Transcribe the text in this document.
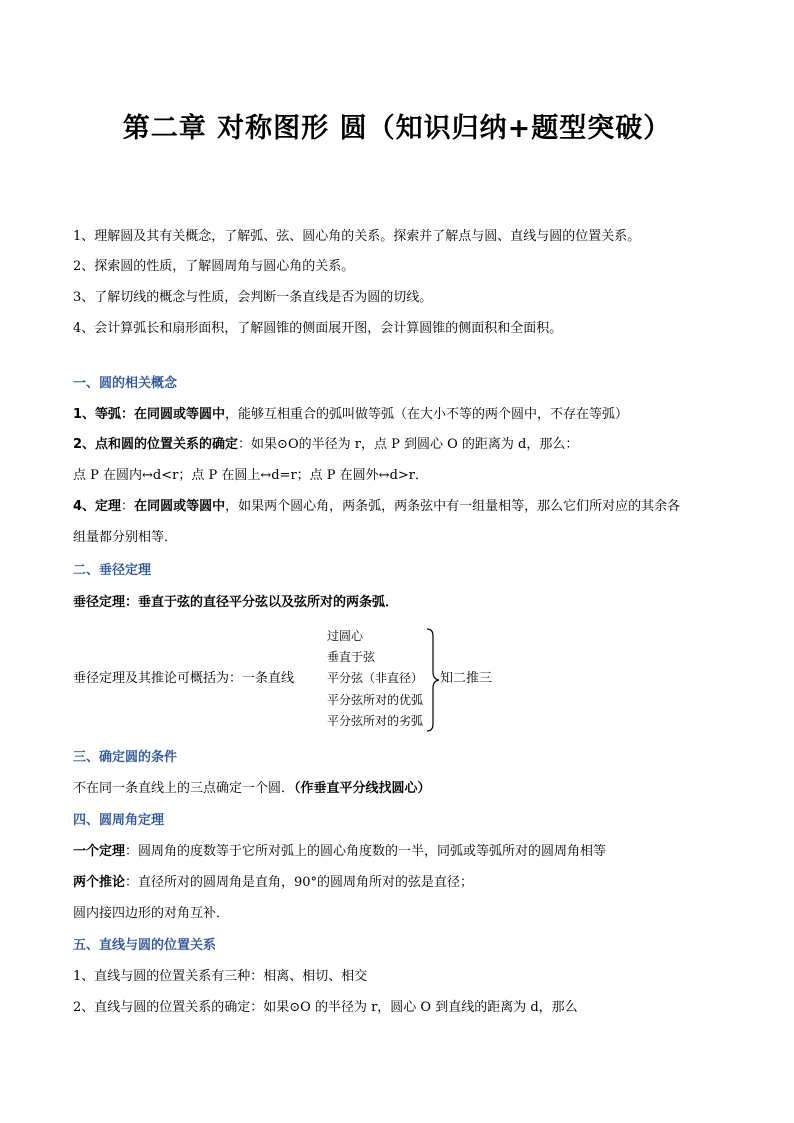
第二章 对称图形 圆（知识归纳+题型突破）
1、理解圆及其有关概念，了解弧、弦、圆心角的关系。探索并了解点与圆、直线与圆的位置关系。
2、探索圆的性质，了解圆周角与圆心角的关系。
3、了解切线的概念与性质，会判断一条直线是否为圆的切线。
4、会计算弧长和扇形面积，了解圆锥的侧面展开图，会计算圆锥的侧面积和全面积。
一、圆的相关概念
1、等弧：在同圆或等圆中，能够互相重合的弧叫做等弧（在大小不等的两个圆中，不存在等弧）
2、点和圆的位置关系的确定：如果⊙O的半径为 r，点 P 到圆心 O 的距离为 d，那么：
点 P 在圆内↔d<r；点 P 在圆上↔d=r；点 P 在圆外↔d>r．
4、定理：在同圆或等圆中，如果两个圆心角，两条弧，两条弦中有一组量相等，那么它们所对应的其余各
组量都分别相等．
二、垂径定理
垂径定理：垂直于弦的直径平分弦以及弦所对的两条弧．
垂径定理及其推论可概括为：一条直线
过圆心
垂直于弦
平分弦（非直径）
平分弦所对的优弧
平分弦所对的劣弧
知二推三
三、确定圆的条件
不在同一条直线上的三点确定一个圆．（作垂直平分线找圆心）
四、圆周角定理
一个定理：圆周角的度数等于它所对弧上的圆心角度数的一半，同弧或等弧所对的圆周角相等
两个推论：直径所对的圆周角是直角，90°的圆周角所对的弦是直径；
圆内接四边形的对角互补．
五、直线与圆的位置关系
1、直线与圆的位置关系有三种：相离、相切、相交
2、直线与圆的位置关系的确定：如果⊙O 的半径为 r，圆心 O 到直线的距离为 d，那么
